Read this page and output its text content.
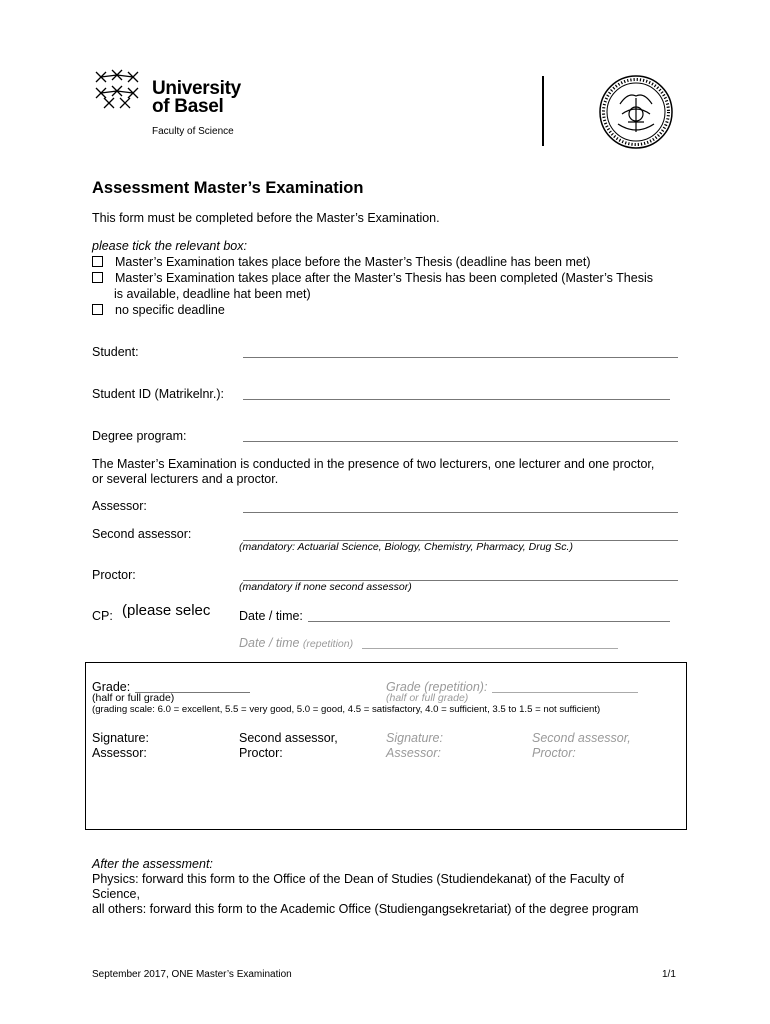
University
of Basel
Faculty of Science
Assessment Master’s Examination
This form must be completed before the Master’s Examination.
please tick the relevant box:
Master’s Examination takes place before the Master’s Thesis (deadline has been met)
Master’s Examination takes place after the Master’s Thesis has been completed (Master’s Thesis
is available, deadline hat been met)
no specific deadline
Student:
Student ID (Matrikelnr.):
Degree program:
The Master’s Examination is conducted in the presence of two lecturers, one lecturer and one proctor,
or several lecturers and a proctor.
Assessor:
Second assessor:
(mandatory: Actuarial Science, Biology, Chemistry, Pharmacy, Drug Sc.)
Proctor:
(mandatory if none second assessor)
CP: (please selec Date / time:
Date / time (repetition)
Grade:
(half or full grade)
Grade (repetition):
(half or full grade)
(grading scale: 6.0 = excellent, 5.5 = very good, 5.0 = good, 4.5 = satisfactory, 4.0 = sufficient, 3.5 to 1.5 = not sufficient)
Signature:
Assessor:
Second assessor,
Proctor:
Signature:
Assessor:
Second assessor,
Proctor:
After the assessment:
Physics: forward this form to the Office of the Dean of Studies (Studiendekanat) of the Faculty of
Science,
all others: forward this form to the Academic Office (Studiengangsekretariat) of the degree program
September 2017, ONE Master’s Examination	1/1
